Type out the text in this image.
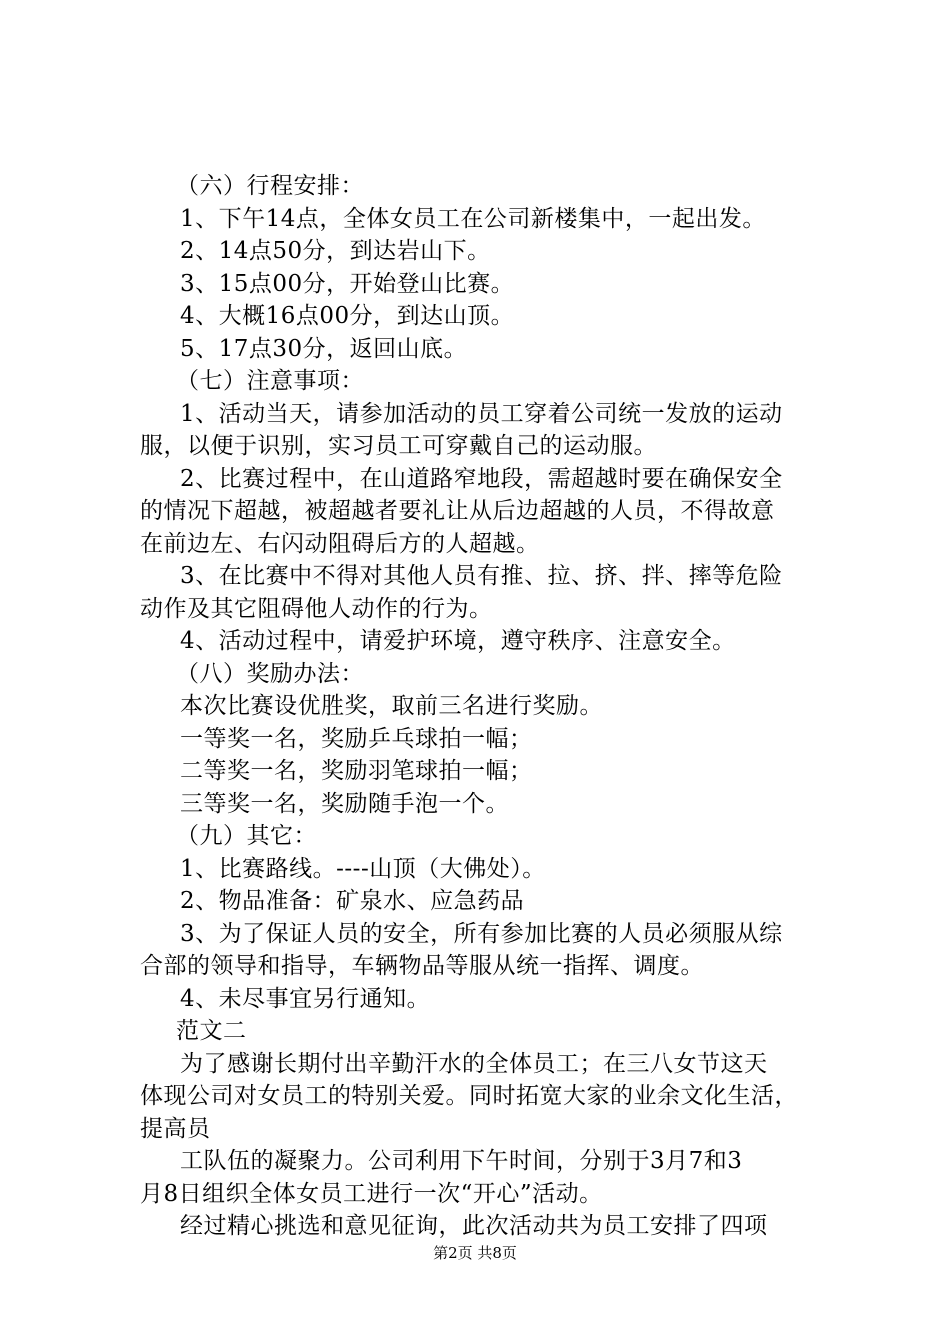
（六）行程安排：
1、下午14点，全体女员工在公司新楼集中，一起出发。
2、14点50分，到达岩山下。
3、15点00分，开始登山比赛。
4、大概16点00分，到达山顶。
5、17点30分，返回山底。
（七）注意事项：
1、活动当天，请参加活动的员工穿着公司统一发放的运动
服，以便于识别，实习员工可穿戴自己的运动服。
2、比赛过程中，在山道路窄地段，需超越时要在确保安全
的情况下超越，被超越者要礼让从后边超越的人员，不得故意
在前边左、右闪动阻碍后方的人超越。
3、在比赛中不得对其他人员有推、拉、挤、拌、摔等危险
动作及其它阻碍他人动作的行为。
4、活动过程中，请爱护环境，遵守秩序、注意安全。
（八）奖励办法：
本次比赛设优胜奖，取前三名进行奖励。
一等奖一名，奖励乒乓球拍一幅；
二等奖一名，奖励羽笔球拍一幅；
三等奖一名，奖励随手泡一个。
（九）其它：
1、比赛路线。----山顶（大佛处）。
2、物品准备：矿泉水、应急药品
3、为了保证人员的安全，所有参加比赛的人员必须服从综
合部的领导和指导，车辆物品等服从统一指挥、调度。
4、未尽事宜另行通知。
范文二
为了感谢长期付出辛勤汗水的全体员工；在三八女节这天
体现公司对女员工的特别关爱。同时拓宽大家的业余文化生活，
提高员
工队伍的凝聚力。公司利用下午时间，分别于3月7和3
月8日组织全体女员工进行一次“开心”活动。
经过精心挑选和意见征询，此次活动共为员工安排了四项
第2页 共8页
